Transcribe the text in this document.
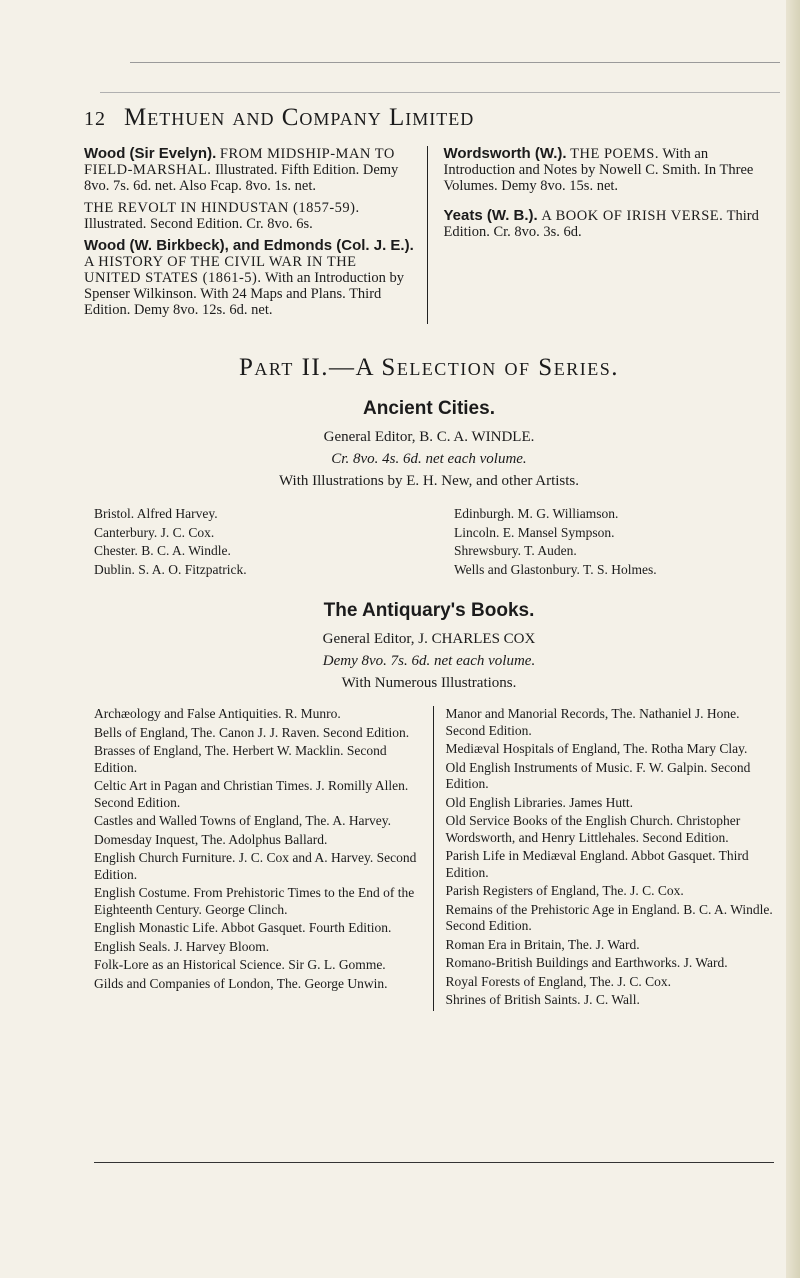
12 Methuen and Company Limited
Wood (Sir Evelyn). FROM MIDSHIP-MAN TO FIELD-MARSHAL. Illustrated. Fifth Edition. Demy 8vo. 7s. 6d. net. Also Fcap. 8vo. 1s. net.
THE REVOLT IN HINDUSTAN (1857-59). Illustrated. Second Edition. Cr. 8vo. 6s.
Wood (W. Birkbeck), and Edmonds (Col. J. E.). A HISTORY OF THE CIVIL WAR IN THE UNITED STATES (1861-5). With an Introduction by Spenser Wilkinson. With 24 Maps and Plans. Third Edition. Demy 8vo. 12s. 6d. net.
Wordsworth (W.). THE POEMS. With an Introduction and Notes by Nowell C. Smith. In Three Volumes. Demy 8vo. 15s. net.
Yeats (W. B.). A BOOK OF IRISH VERSE. Third Edition. Cr. 8vo. 3s. 6d.
Part II.—A Selection of Series.
Ancient Cities.
General Editor, B. C. A. WINDLE.
Cr. 8vo. 4s. 6d. net each volume.
With Illustrations by E. H. New, and other Artists.
Bristol. Alfred Harvey.
Canterbury. J. C. Cox.
Chester. B. C. A. Windle.
Dublin. S. A. O. Fitzpatrick.
Edinburgh. M. G. Williamson.
Lincoln. E. Mansel Sympson.
Shrewsbury. T. Auden.
Wells and Glastonbury. T. S. Holmes.
The Antiquary's Books.
General Editor, J. CHARLES COX
Demy 8vo. 7s. 6d. net each volume.
With Numerous Illustrations.
Archæology and False Antiquities. R. Munro.
Bells of England, The. Canon J. J. Raven. Second Edition.
Brasses of England, The. Herbert W. Macklin. Second Edition.
Celtic Art in Pagan and Christian Times. J. Romilly Allen. Second Edition.
Castles and Walled Towns of England, The. A. Harvey.
Domesday Inquest, The. Adolphus Ballard.
English Church Furniture. J. C. Cox and A. Harvey. Second Edition.
English Costume. From Prehistoric Times to the End of the Eighteenth Century. George Clinch.
English Monastic Life. Abbot Gasquet. Fourth Edition.
English Seals. J. Harvey Bloom.
Folk-Lore as an Historical Science. Sir G. L. Gomme.
Gilds and Companies of London, The. George Unwin.
Manor and Manorial Records, The. Nathaniel J. Hone. Second Edition.
Mediæval Hospitals of England, The. Rotha Mary Clay.
Old English Instruments of Music. F. W. Galpin. Second Edition.
Old English Libraries. James Hutt.
Old Service Books of the English Church. Christopher Wordsworth, and Henry Littlehales. Second Edition.
Parish Life in Mediæval England. Abbot Gasquet. Third Edition.
Parish Registers of England, The. J. C. Cox.
Remains of the Prehistoric Age in England. B. C. A. Windle. Second Edition.
Roman Era in Britain, The. J. Ward.
Romano-British Buildings and Earthworks. J. Ward.
Royal Forests of England, The. J. C. Cox.
Shrines of British Saints. J. C. Wall.
